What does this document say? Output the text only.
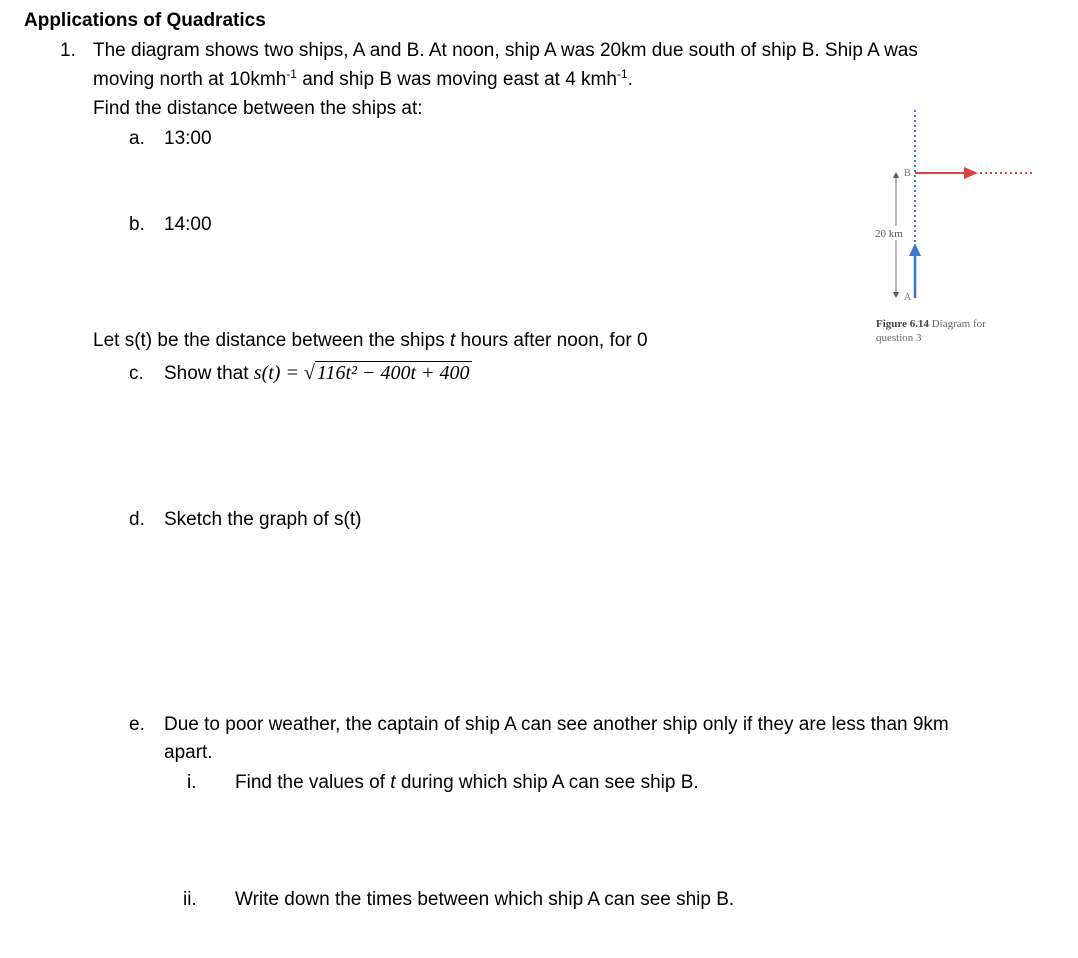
Applications of Quadratics
1. The diagram shows two ships, A and B. At noon, ship A was 20km due south of ship B. Ship A was
moving north at 10kmh$^{-1}$ and ship B was moving east at 4 kmh$^{-1}$.
Find the distance between the ships at:
a. 13:00
b. 14:00
Let s(t) be the distance between the ships t hours after noon, for 0
c. Show that s(t) = √ 116t² − 400t + 400
d. Sketch the graph of s(t)
e. Due to poor weather, the captain of ship A can see another ship only if they are less than 9km
apart.
i. Find the values of t during which ship A can see ship B.
ii. Write down the times between which ship A can see ship B.
B
A
20 km
Figure 6.14 Diagram for
question 3
